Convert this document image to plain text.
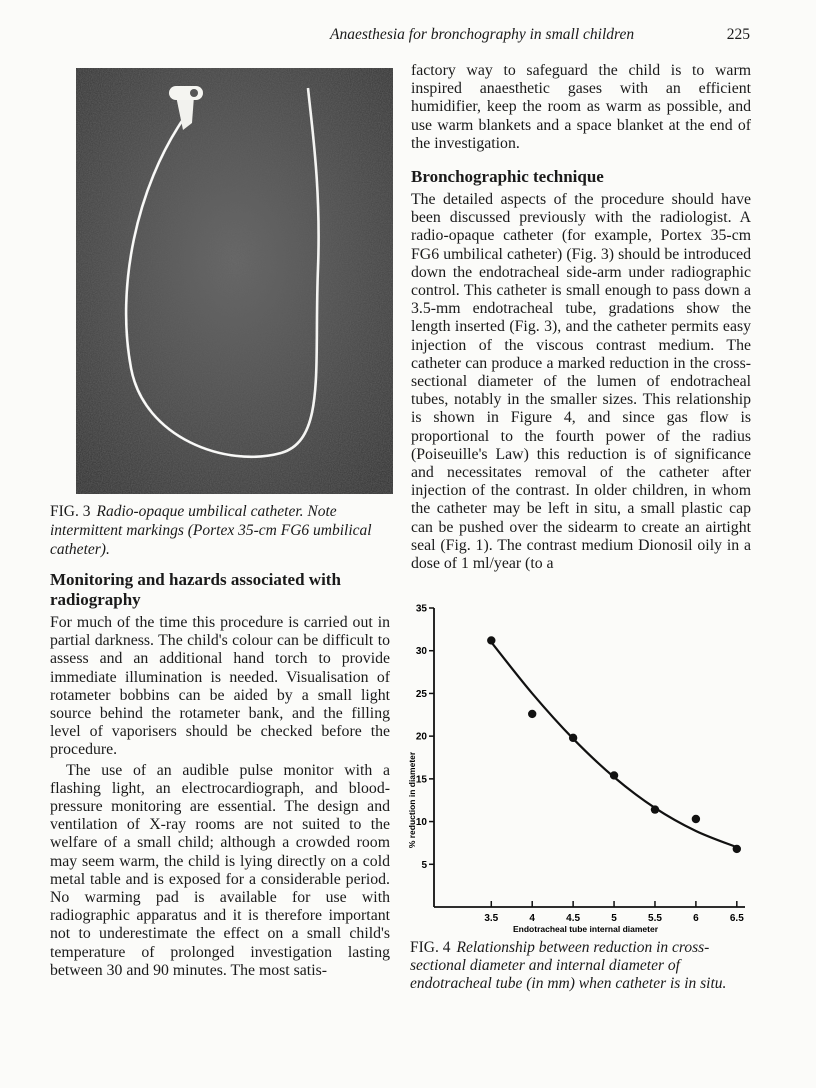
Anaesthesia for bronchography in small children	225
FIG. 3 Radio-opaque umbilical catheter. Note intermittent markings (Portex 35-cm FG6 umbilical catheter).
Monitoring and hazards associated with radiography

For much of the time this procedure is carried out in partial darkness. The child's colour can be difficult to assess and an additional hand torch to provide immediate illumination is needed. Visualisation of rotameter bobbins can be aided by a small light source behind the rotameter bank, and the filling level of vaporisers should be checked before the procedure.

The use of an audible pulse monitor with a flashing light, an electrocardiograph, and blood-pressure monitoring are essential. The design and ventilation of X-ray rooms are not suited to the welfare of a small child; although a crowded room may seem warm, the child is lying directly on a cold metal table and is exposed for a considerable period. No warming pad is available for use with radiographic apparatus and it is therefore important not to underestimate the effect on a small child's temperature of prolonged investigation lasting between 30 and 90 minutes. The most satis-

factory way to safeguard the child is to warm inspired anaesthetic gases with an efficient humidifier, keep the room as warm as possible, and use warm blankets and a space blanket at the end of the investigation.

Bronchographic technique

The detailed aspects of the procedure should have been discussed previously with the radiologist. A radio-opaque catheter (for example, Portex 35-cm FG6 umbilical catheter) (Fig. 3) should be introduced down the endotracheal side-arm under radiographic control. This catheter is small enough to pass down a 3.5-mm endotracheal tube, gradations show the length inserted (Fig. 3), and the catheter permits easy injection of the viscous contrast medium. The catheter can produce a marked reduction in the cross-sectional diameter of the lumen of endotracheal tubes, notably in the smaller sizes. This relationship is shown in Figure 4, and since gas flow is proportional to the fourth power of the radius (Poiseuille's Law) this reduction is of significance and necessitates removal of the catheter after injection of the contrast. In older children, in whom the catheter may be left in situ, a small plastic cap can be pushed over the sidearm to create an airtight seal (Fig. 1). The contrast medium Dionosil oily in a dose of 1 ml/year (to a

5
10
15
20
25
30
35
3.5	4	4.5	5	5.5	6	6.5
% reduction in diameter
Endotracheal tube internal diameter
FIG. 4 Relationship between reduction in cross-sectional diameter and internal diameter of endotracheal tube (in mm) when catheter is in situ.
